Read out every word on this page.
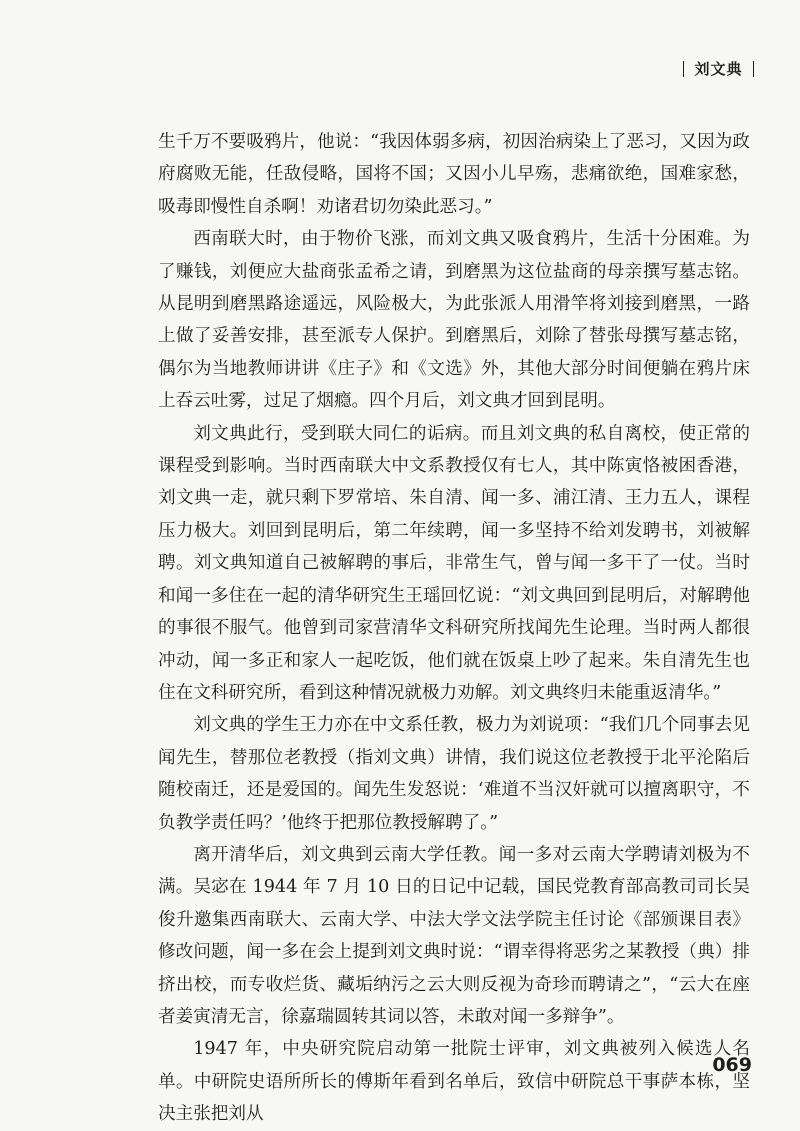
刘文典

生千万不要吸鸦片，他说：“我因体弱多病，初因治病染上了恶习，又因为政府腐败无能，任敌侵略，国将不国；又因小儿早殇，悲痛欲绝，国难家愁，吸毒即慢性自杀啊！劝诸君切勿染此恶习。”

西南联大时，由于物价飞涨，而刘文典又吸食鸦片，生活十分困难。为了赚钱，刘便应大盐商张孟希之请，到磨黑为这位盐商的母亲撰写墓志铭。从昆明到磨黑路途遥远，风险极大，为此张派人用滑竿将刘接到磨黑，一路上做了妥善安排，甚至派专人保护。到磨黑后，刘除了替张母撰写墓志铭，偶尔为当地教师讲讲《庄子》和《文选》外，其他大部分时间便躺在鸦片床上吞云吐雾，过足了烟瘾。四个月后，刘文典才回到昆明。

刘文典此行，受到联大同仁的诟病。而且刘文典的私自离校，使正常的课程受到影响。当时西南联大中文系教授仅有七人，其中陈寅恪被困香港，刘文典一走，就只剩下罗常培、朱自清、闻一多、浦江清、王力五人，课程压力极大。刘回到昆明后，第二年续聘，闻一多坚持不给刘发聘书，刘被解聘。刘文典知道自己被解聘的事后，非常生气，曾与闻一多干了一仗。当时和闻一多住在一起的清华研究生王瑶回忆说：“刘文典回到昆明后，对解聘他的事很不服气。他曾到司家营清华文科研究所找闻先生论理。当时两人都很冲动，闻一多正和家人一起吃饭，他们就在饭桌上吵了起来。朱自清先生也住在文科研究所，看到这种情况就极力劝解。刘文典终归未能重返清华。”

刘文典的学生王力亦在中文系任教，极力为刘说项：“我们几个同事去见闻先生，替那位老教授（指刘文典）讲情，我们说这位老教授于北平沦陷后随校南迁，还是爱国的。闻先生发怒说：‘难道不当汉奸就可以擅离职守，不负教学责任吗？’他终于把那位教授解聘了。”

离开清华后，刘文典到云南大学任教。闻一多对云南大学聘请刘极为不满。吴宓在 1944 年 7 月 10 日的日记中记载，国民党教育部高教司司长吴俊升邀集西南联大、云南大学、中法大学文法学院主任讨论《部颁课目表》修改问题，闻一多在会上提到刘文典时说：“谓幸得将恶劣之某教授（典）排挤出校，而专收烂货、藏垢纳污之云大则反视为奇珍而聘请之”，“云大在座者姜寅清无言，徐嘉瑞圆转其词以答，未敢对闻一多辩争”。

1947 年，中央研究院启动第一批院士评审，刘文典被列入候选人名单。中研院史语所所长的傅斯年看到名单后，致信中研院总干事萨本栋，坚决主张把刘从

069
